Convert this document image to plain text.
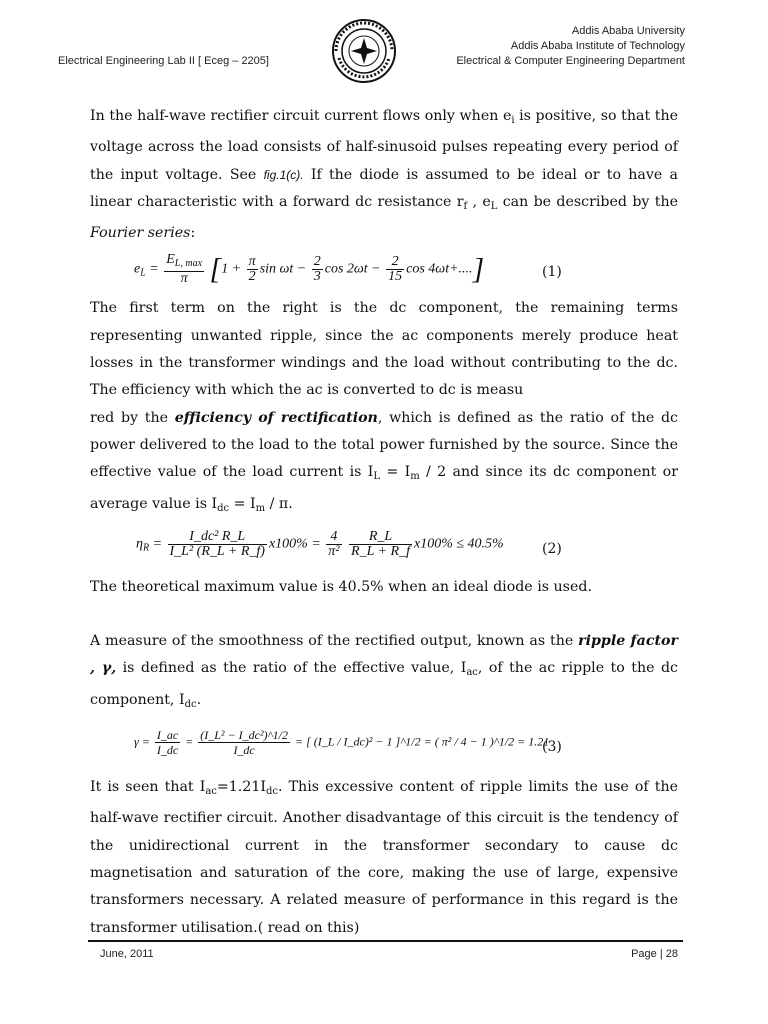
Electrical Engineering Lab II [ Eceg – 2205]
Addis Ababa University
Addis Ababa Institute of Technology
Electrical & Computer Engineering Department

In the half-wave rectifier circuit current flows only when $e_i$ is positive, so that the voltage across the load consists of half-sinusoid pulses repeating every period of the input voltage. See fig.1(c). If the diode is assumed to be ideal or to have a linear characteristic with a forward dc resistance $r_f$ , $e_L$ can be described by the Fourier series:

$e_L = \frac{E_{L, max}}{\pi} [1 + \frac{\pi}{2}$ $\sin \omega t - \frac{2}{3}$ $\cos 2\omega t - \frac{2}{15}$ cos 4ωt+....]	(1)

The first term on the right is the dc component, the remaining terms representing unwanted ripple, since the ac components merely produce heat losses in the transformer windings and the load without contributing to the dc. The efficiency with which the ac is converted to dc is measu

red by the efficiency of rectification, which is defined as the ratio of the dc power delivered to the load to the total power furnished by the source. Since the effective value of the load current is $I_L = I_m / 2$ and since its dc component or average value is $I_{dc} = I_m / \pi$.

$\eta_R = \frac{\text{I\_dc² R\_L}}{\text{I\_L² (R\_L + R\_f)}} x100\% = \frac{4}{\text{π²}}$
$\frac{R\_L}{R\_L + R\_f} x100\% \le 40.5\%$	(2)

The theoretical maximum value is 40.5% when an ideal diode is used.

A measure of the smoothness of the rectified output, known as the ripple factor , γ, is defined as the ratio of the effective value, $I_{ac}$, of the ac ripple to the dc component, $I_{dc}$.

$\gamma = \frac{I\_ac}{I\_dc} = \frac{\text{(I\_L² − I\_dc²)\textasciicircum{}1/2}}{I\_dc}$ = [ (I_L / I_dc)² − 1 ]^1/2 = ( π² / 4 − 1 )^1/2 = 1.21
(3)

It is seen that $I_{ac}=1.21I_{dc}$. This excessive content of ripple limits the use of the half-wave rectifier circuit. Another disadvantage of this circuit is the tendency of the unidirectional current in the transformer secondary to cause dc magnetisation and saturation of the core, making the use of large, expensive transformers necessary. A related measure of performance in this regard is the transformer utilisation.( read on this)

June, 2011	Page | 28
